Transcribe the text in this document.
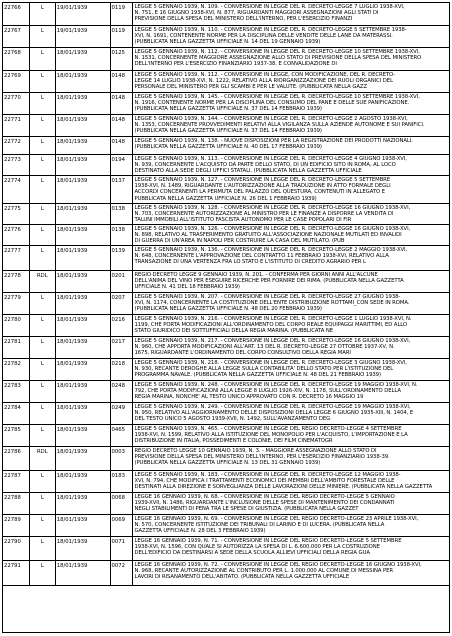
22766	L	19/01/1939	0119	LEGGE 5 GENNAIO 1939, N. 109. - CONVERSIONE IN LEGGE DEL R. DECRETO-LEGGE 7 LUGLIO 1938-XVI,
N. 751, E 16 GIUGNO 1938-XVI, N. 877, RIGUARDANTI MAGGIORI ASSEGNAZIONI AGLI STATI DI
PREVISIONE DELLA SPESA DEL MINISTERO DELL'INTERNO, PER L'ESERCIZIO FINANZI
22767	L	19/01/1939	0119	LEGGE 5 GENNAIO 1939, N. 110. - CONVERSIONE IN LEGGE DEL R. DECRETO-LEGGE 5 SETTEMBRE 1938-
XVI, N. 1691, CONTENENTE NORME PER LA DISCIPLINA DELLE VENDITE DELLE LANE DA MATERASSI.
(PUBBLICATA NELLA GAZZETTA UFFICIALE N. 14 DEL 19 GENNAIO 1939)
22768	L	18/01/1939	0125	LEGGE 5 GENNAIO 1939, N. 112. - CONVERSIONE IN LEGGE DEL R. DECRETO-LEGGE 10 SETTEMBRE 1938-XVI,
N. 1531, CONCERNENTE MAGGIORE ASSEGNAZIONE ALLO STATO DI PREVISIONE DELLA SPESA DEL MINISTERO
DELL'INTERNO PER L'ESERCIZIO FINANZIARIO 1937-38. E CONVALIDAZIONE DI
22769	L	18/01/1939	0148	LEGGE 5 GENNAIO 1939, N. 112. - CONVERSIONE IN LEGGE, CON MODIFICAZIONE, DEL R. DECRETO-
LEGGE 14 LUGLIO 1938-XVI, N. 1222, RELATIVO ALLA RIORGANIZZAZIONE DEI RUOLI ORGANICI DEL
PERSONALE DEL MINISTERO PER GLI SCAMBI E PER LE VALUTE. (PUBBLICATA NELLA GAZZ
22770	L	18/01/1939	0148	LEGGE 5 GENNAIO 1939, N. 145. - CONVERSIONE IN LEGGE DEL R. DECRETO-LEGGE 10 SETTEMBRE 1938-XVI,
N. 1916, CONTENENTE NORME PER LA DISCIPLINA DEL CONSUMO DEL PANE E DELLE SUE PANIFICAZIONE.
(PUBBLICATA NELLA GAZZETTA UFFICIALE N. 37 DEL 14 FEBBRAIO 1939)
22771	L	18/01/1939	0148	LEGGE 5 GENNAIO 1939, N. 144. - CONVERSIONE IN LEGGE DEL R. DECRETO-LEGGE 2 AGOSTO 1938-XVI,
N. 1353, CONCERNENTE PROVVEDIMENTI RELATIVI ALLA VIGILANZA SULLA AZIENDE AUTONOME E SUI PANIFICI.
(PUBBLICATA NELLA GAZZETTA UFFICIALE N. 37 DEL 14 FEBBRAIO 1939)
22772	L	18/01/1939	0148	LEGGE 5 GENNAIO 1939, N. 138. - NUOVE DISPOSIZIONI PER LA REGISTRAZIONE DEI PRODOTTI NAZIONALI.
(PUBBLICATA NELLA GAZZETTA UFFICIALE N. 40 DEL 17 FEBBRAIO 1939)
22773	L	18/01/1939	0194	LEGGE 5 GENNAIO 1939, N. 113. - CONVERSIONE IN LEGGE DEL R. DECRETO-LEGGE 4 GIUGNO 1938-XVI,
N. 939, CONCERNENTE L'ACQUISTO DA PARTE DELLO STATO, DI UN EDIFICIO SITO IN ROMA, AL LOCO
DESTINATO ALLA SEDE DEGLI UFFICI STATALI. (PUBBLICATA NELLA GAZZETTA UFFICIALE
22774	L	18/01/1939	0137	LEGGE 5 GENNAIO 1939, N. 127. - CONVERSIONE IN LEGGE DEL R. DECRETO-LEGGE 5 SETTEMBRE
1938-XVI, N. 1489, RIGUARDANTE L'AUTORIZZAZIONE ALLA TRADUZIONE IN ATTO FORMALE DEGLI
ACCORDI CONCERNENTI LA PERMUTA DEL PALAZZO DEL QUESTURA, CONTENUTI IN ALLEGATO E
PUBBLICATA NELLA GAZZETTA UFFICIALE N. 26 DEL 1 FEBBRAIO 1939)
22775	L	18/01/1939	0138	LEGGE 5 GENNAIO 1939, N. 128. - CONVERSIONE IN LEGGE DEL R. DECRETO-LEGGE 16 GIUGNO 1938-XVI,
N. 703, CONCERNENTE AUTORIZZAZIONE AL MINISTRO PER LE FINANZE A DISPORRE LA VENDITA DI
TALUNI IMMOBILI ALL'ISTITUTO FASCISTA AUTONOMO PER LE CASE POPOLARI DI FIR
22776	L	18/01/1939	0138	LEGGE 5 GENNAIO 1939, N. 126. - CONVERSIONE IN LEGGE DEL R. DECRETO-LEGGE 16 GIUGNO 1938-XVI,
N. 898, RELATIVO AL TRASFERIMENTO GRATUITO ALL'ASSOCIAZIONE NAZIONALE MUTILATI ED INVALIDI
DI GUERRA DI UN'AREA IN NAPOLI PER COSTRUIRE LA CASA DEL MUTILATO. (PUB
22777	L	18/01/1939	0139	LEGGE 5 GENNAIO 1939, N. 136. - CONVERSIONE IN LEGGE DEL R. DECRETO-LEGGE 2 MAGGIO 1938-XVI,
N. 648, CONCERNENTE L'APPROVAZIONE DEL CONTRATTO 11 FEBBRAIO 1938-XVI, RELATIVO ALLA
TRANSAZIONE DI UNA VERTENZA FRA LO STATO E L'ISTITUTO DI CREDITO AGRARIO PER L
22778	RDL	18/01/1939	0201	REGIO DECRETO LEGGE 9 GENNAIO 1939, N. 201. - CONFERMA PER GIORNI ANNI ALL'ALCUNE
DELL'ANIMA DEL VINO PER ESEGUIRE RICERCHE PER FORNIRE DEI RIMA. (PUBBLICATA NELLA GAZZETTA
UFFICIALE N. 41 DEL 18 FEBBRAIO 1939)
22779	L	18/01/1939	0207	LEGGE 5 GENNAIO 1939, N. 207. - CONVERSIONE IN LEGGE DEL R. DECRETO-LEGGE 27 GIUGNO 1938-
XVI, N. 1174, CONCERNENTE LA COSTITUZIONE DELL'ENTE DISTRIBUZIONE ROTTAMI_CON SEDE IN ROMA.
(PUBBLICATA NELLA GAZZETTA UFFICIALE N. 48 DEL 20 FEBBRAIO 1939)
22780	L	18/01/1939	0216	LEGGE 5 GENNAIO 1939, N. 216. - CONVERSIONE IN LEGGE DEL R. DECRETO-LEGGE 1 LUGLIO 1938-XVI, N.
1199, CHE PORTA MODIFICAZIONI ALL'ORDINAMENTO DEL CORPO REALE EQUIPAGGI MARITTIMI, ED ALLO
STATO GIURIDICO DEI SOTTUFFICIALI DELLA REGIA MARINA. (PUBBLICATA NE
22781	L	18/01/1939	0217	LEGGE 5 GENNAIO 1939, N. 217. - CONVERSIONE IN LEGGE DEL R. DECRETO-LEGGE 16 GIUGNO 1938-XVI,
N. 960, CHE APPORTA MODIFICAZIONI ALL'ART. 13 DEL R. DECRETO-LEGGE 27 OTTOBRE 1937-XV, N.
1675, RIGUARDANTE L'ORDINAMENTO DEL CORPO CONSULTIVO DELLA REGIA MARI
22782	L	18/01/1939	0218	LEGGE 5 GENNAIO 1939, N. 218. - CONVERSIONE IN LEGGE DEL R. DECRETO-LEGGE 3 GIUGNO 1938-XVI,
N. 930, RECANTE DEROGHE ALLA LEGGE SULLA CONTABILITA' DELLO STATO PER L'ISTITUZIONE DEL
PROGRAMMA NAVALE. (PUBBLICATA NELLA GAZZETTA UFFICIALE N. 48 DEL 21 FEBBRAIO 1939)
22783	L	18/01/1939	0248	LEGGE 5 GENNAIO 1939, N. 248. - CONVERSIONE IN LEGGE DEL R. DECRETO-LEGGE 19 MAGGIO 1938-XVI, N.
792, CHE PORTA MODIFICAZIONI ALLA LEGGE 8 LUGLIO 1926-XIV, N. 1178, SULL'ORDINAMENTO DELLA
REGIA MARINA, NONCHE' AL TESTO UNICO APPROVATO CON R. DECRETO 16 MAGGIO 19
22784	L	18/01/1939	0249	LEGGE 5 GENNAIO 1939, N. 249. - CONVERSIONE IN LEGGE DEL R. DECRETO-LEGGE 19 MAGGIO 1938-XVI,
N. 950, RELATIVO ALL'AGGIORNAMENTO DELLE DISPOSIZIONI DELLA LEGGE 6 GIUGNO 1935-XIII, N. 1404, E
DEL TESTO UNICO 5 AGOSTO 1939-XVII, N. 1492, SULL'AVANZAMENTO DEG
22785	L	18/01/1939	0465	LEGGE 5 GENNAIO 1939, N. 465. - CONVERSIONE IN LEGGE DEL REGIO DECRETO-LEGGE 4 SETTEMBRE
1938-XVI, N. 1599, RELATIVO ALLA ISTITUZIONE DEL MONOPOLIO PER L'ACQUISTO, L'IMPORTAZIONE E LA
DISTRIBUZIONE IN ITALIA, POSSEDIMENTI E COLONIE, DEI FILM CINEMATOGR
22786	RDL	18/01/1939	0003	REGIO DECRETO LEGGE 10 GENNAIO 1939, N. 3. - MAGGIORE ASSEGNAZIONE ALLO STATO DI
PREVISIONE DELLA SPESA DEL MINISTERO DELL'INTERNO, PER L'ESERCIZIO FINANZIARIO 1938-39.
(PUBBLICATA NELLA GAZZETTA UFFICIALE N. 13 DEL 31 GENNAIO 1939)
22787	L	18/01/1939	0183	LEGGE 5 GENNAIO 1939, N. 183. - CONVERSIONE IN LEGGE DEL R. DECRETO-LEGGE 12 MAGGIO 1938-
XVI, N. 794, CHE MODIFICA I TRATTAMENTI ECONOMICI DEI MEMBRI DELL'AMBITO FORESTALE DELLE
DESTINATI ALLA DIREZIONE E SORVEGLIANZA DELLE LAVORAZIONI DELLE MINIERE. (PUBBLICATA NELLA GAZZETTA
22788	L	18/01/1939	0068	LEGGE 16 GENNAIO 1939, N. 68. - CONVERSIONE IN LEGGE DEL REGIO DECRETO-LEGGE 5 GENNAIO
1939-XVII, N. 1486, RIGUARDANTE L'INCLUSIONE DELLE SPESE DI MANTENIMENTO DEI CONDANNATI
NEGLI STABILIMENTI DI PENA TRA LE SPESE DI GIUSTIZIA. (PUBBLICATA NELLA GAZZET
22789	L	18/01/1939	0069	LEGGE 16 GENNAIO 1939, N. 69. - CONVERSIONE IN LEGGE DEL REGIO DECRETO-LEGGE 23 APRILE 1938-XVI,
N. 570, CONCERNENTE ISTITUZIONE DEI TRIBUNALI DI LARINO E DI LUCERA. (PUBBLICATA NELLA
GAZZETTA UFFICIALE N. 28 DEL 3 FEBBRAIO 1939)
22790	L	18/01/1939	0071	LEGGE 16 GENNAIO 1939, N. 71. - CONVERSIONE IN LEGGE DEL REGIO DECRETO-LEGGE 5 SETTEMBRE
1938-XVI, N. 1596, CON QUALE SI AUTORIZZA LA SPESA DI L. 6.600.000 PER LA COSTRUZIONE
DELL'EDIFICIO DA DESTINARSI A SEDE DELLA SCUOLA ALLIEVI UFFICIALI DELLA REGIA GUA
22791	L	18/01/1939	0072	LEGGE 16 GENNAIO 1939, N. 72. - CONVERSIONE IN LEGGE DEL REGIO DECRETO-LEGGE 16 GIUGNO 1938-XVI,
N. 968, RECANTE AUTORIZZAZIONE AL CONTRIBUTO PER L. 1.000.000 AL COMUNE DI MESSINA PER
LAVORI DI RISANAMENTO DELL'ABITATO. (PUBBLICATA NELLA GAZZETTA UFFICIALE
